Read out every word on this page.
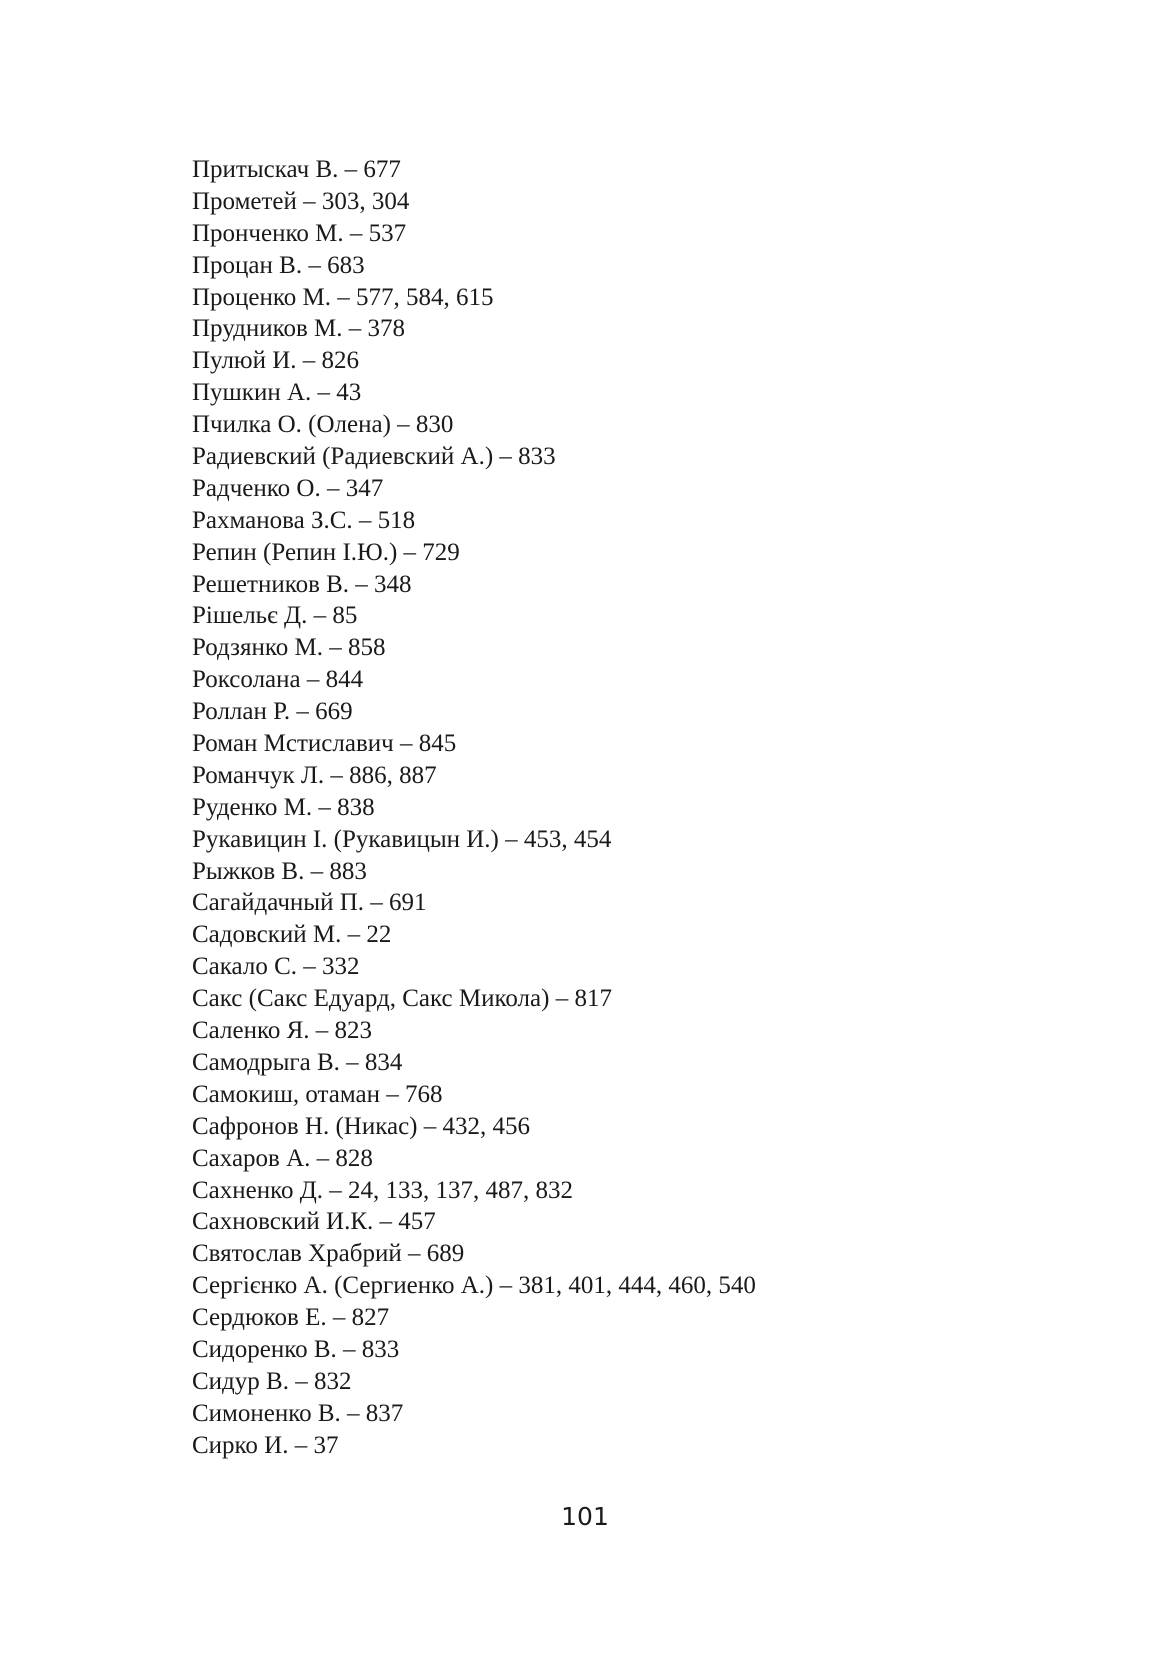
Притыскач В. – 677
Прометей – 303, 304
Пронченко М. – 537
Процан В. – 683
Проценко М. – 577, 584, 615
Прудников М. – 378
Пулюй И. – 826
Пушкин А. – 43
Пчилка О. (Олена) – 830
Радиевский (Радиевский А.) – 833
Радченко О. – 347
Рахманова З.С. – 518
Репин (Репин І.Ю.) – 729
Решетников В. – 348
Рішельє Д. – 85
Родзянко М. – 858
Роксолана – 844
Роллан Р. – 669
Роман Мстиславич – 845
Романчук Л. – 886, 887
Руденко М. – 838
Рукавицин І. (Рукавицын И.) – 453, 454
Рыжков В. – 883
Сагайдачный П. – 691
Садовский М. – 22
Сакало С. – 332
Сакс (Сакс Едуард, Сакс Микола) – 817
Саленко Я. – 823
Самодрыга В. – 834
Самокиш, отаман – 768
Сафронов Н. (Никас) – 432, 456
Сахаров А. – 828
Сахненко Д. – 24, 133, 137, 487, 832
Сахновский И.К. – 457
Святослав Храбрий – 689
Сергієнко А. (Сергиенко А.) – 381, 401, 444, 460, 540
Сердюков Е. – 827
Сидоренко В. – 833
Сидур В. – 832
Симоненко В. – 837
Сирко И. – 37
101
